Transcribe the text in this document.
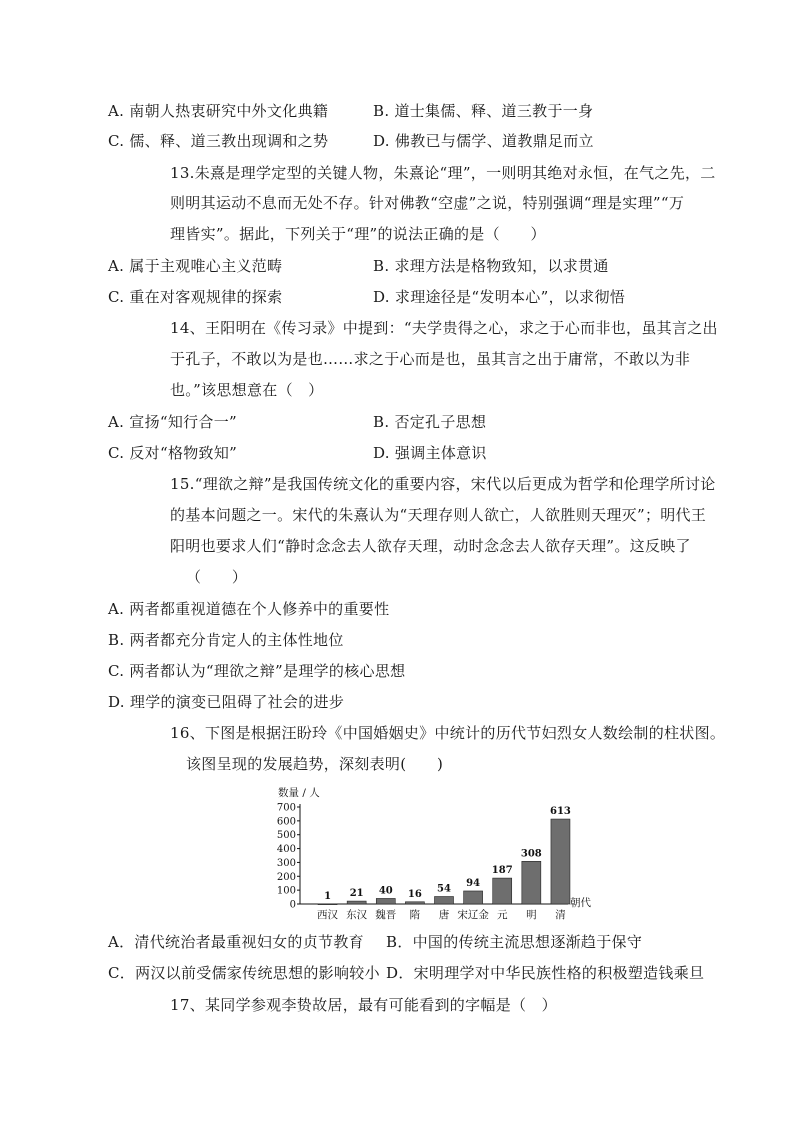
A. 南朝人热衷研究中外文化典籍	B. 道士集儒、释、道三教于一身
C. 儒、释、道三教出现调和之势	D. 佛教已与儒学、道教鼎足而立
13.朱熹是理学定型的关键人物，朱熹论“理”，一则明其绝对永恒，在气之先，二
则明其运动不息而无处不存。针对佛教“空虚”之说，特别强调“理是实理”“万
理皆实”。据此，下列关于“理”的说法正确的是（　　）
A. 属于主观唯心主义范畴	B. 求理方法是格物致知，以求贯通
C. 重在对客观规律的探索	D. 求理途径是“发明本心”，以求彻悟
14、王阳明在《传习录》中提到：“夫学贵得之心，求之于心而非也，虽其言之出
于孔子，不敢以为是也……求之于心而是也，虽其言之出于庸常，不敢以为非
也。”该思想意在（　）
A. 宣扬“知行合一”	B. 否定孔子思想
C. 反对“格物致知”	D. 强调主体意识
15.“理欲之辩”是我国传统文化的重要内容，宋代以后更成为哲学和伦理学所讨论
的基本问题之一。宋代的朱熹认为“天理存则人欲亡，人欲胜则天理灭”；明代王
阳明也要求人们“静时念念去人欲存天理，动时念念去人欲存天理”。这反映了
（　　）
A. 两者都重视道德在个人修养中的重要性
B. 两者都充分肯定人的主体性地位
C. 两者都认为“理欲之辩”是理学的核心思想
D. 理学的演变已阻碍了社会的进步
16、下图是根据汪盼玲《中国婚姻史》中统计的历代节妇烈女人数绘制的柱状图。
该图呈现的发展趋势，深刻表明(　　)
数量 / 人
朝代
0
100
200
300
400
500
600
700
1 21 40 16 54
94
187
308
613
西汉 东汉 魏晋 隋 唐 宋辽金 元 明 清
A．清代统治者最重视妇女的贞节教育 B．中国的传统主流思想逐渐趋于保守
C．两汉以前受儒家传统思想的影响较小 D．宋明理学对中华民族性格的积极塑造钱乘旦
17、某同学参观李贽故居，最有可能看到的字幅是（　）
